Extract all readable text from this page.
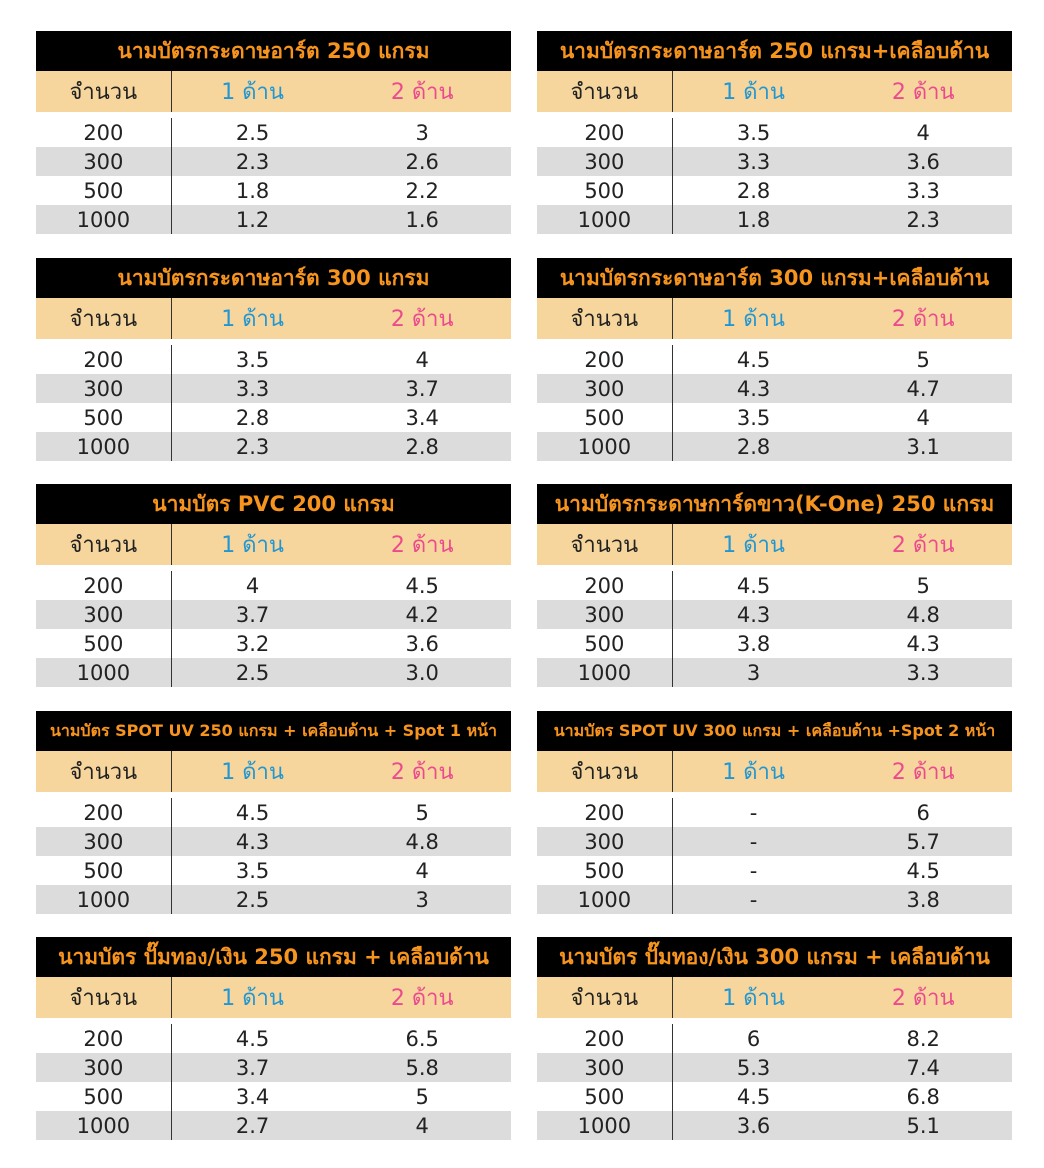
นามบัตรกระดาษอาร์ต 250 แกรม
จำนวน	1 ด้าน	2 ด้าน
200	2.5	3
300	2.3	2.6
500	1.8	2.2
1000	1.2	1.6
นามบัตรกระดาษอาร์ต 250 แกรม+เคลือบด้าน
จำนวน	1 ด้าน	2 ด้าน
200	3.5	4
300	3.3	3.6
500	2.8	3.3
1000	1.8	2.3
นามบัตรกระดาษอาร์ต 300 แกรม
จำนวน	1 ด้าน	2 ด้าน
200	3.5	4
300	3.3	3.7
500	2.8	3.4
1000	2.3	2.8
นามบัตรกระดาษอาร์ต 300 แกรม+เคลือบด้าน
จำนวน	1 ด้าน	2 ด้าน
200	4.5	5
300	4.3	4.7
500	3.5	4
1000	2.8	3.1
นามบัตร PVC 200 แกรม
จำนวน	1 ด้าน	2 ด้าน
200	4	4.5
300	3.7	4.2
500	3.2	3.6
1000	2.5	3.0
นามบัตรกระดาษการ์ดขาว(K-One) 250 แกรม
จำนวน	1 ด้าน	2 ด้าน
200	4.5	5
300	4.3	4.8
500	3.8	4.3
1000	3	3.3
นามบัตร SPOT UV 250 แกรม + เคลือบด้าน + Spot 1 หน้า
จำนวน	1 ด้าน	2 ด้าน
200	4.5	5
300	4.3	4.8
500	3.5	4
1000	2.5	3
นามบัตร SPOT UV 300 แกรม + เคลือบด้าน +Spot 2 หน้า
จำนวน	1 ด้าน	2 ด้าน
200	-	6
300	-	5.7
500	-	4.5
1000	-	3.8
นามบัตร ปั๊มทอง/เงิน 250 แกรม + เคลือบด้าน
จำนวน	1 ด้าน	2 ด้าน
200	4.5	6.5
300	3.7	5.8
500	3.4	5
1000	2.7	4
นามบัตร ปั๊มทอง/เงิน 300 แกรม + เคลือบด้าน
จำนวน	1 ด้าน	2 ด้าน
200	6	8.2
300	5.3	7.4
500	4.5	6.8
1000	3.6	5.1
